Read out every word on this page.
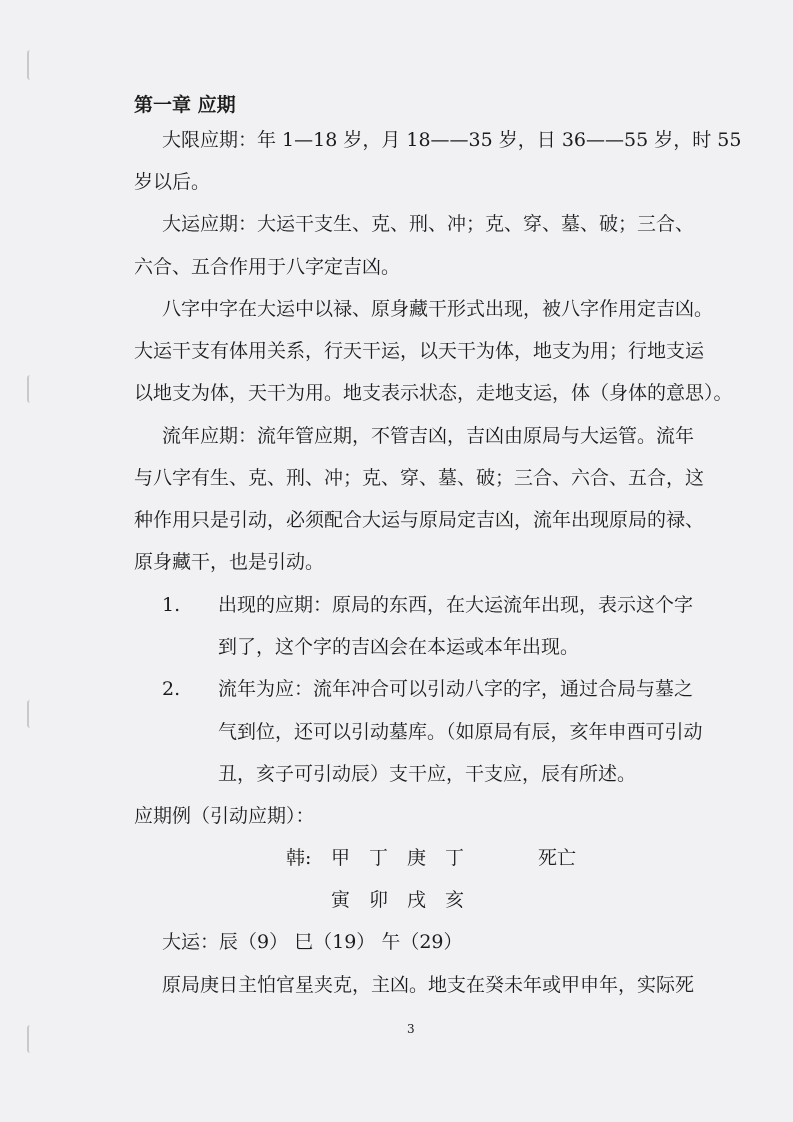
第一章 应期
大限应期：年 1—18 岁，月 18——35 岁，日 36——55 岁，时 55
岁以后。
大运应期：大运干支生、克、刑、冲；克、穿、墓、破；三合、
六合、五合作用于八字定吉凶。
八字中字在大运中以禄、原身藏干形式出现，被八字作用定吉凶。
大运干支有体用关系，行天干运，以天干为体，地支为用；行地支运
以地支为体，天干为用。地支表示状态，走地支运，体（身体的意思）。
流年应期：流年管应期，不管吉凶，吉凶由原局与大运管。流年
与八字有生、克、刑、冲；克、穿、墓、破；三合、六合、五合，这
种作用只是引动，必须配合大运与原局定吉凶，流年出现原局的禄、
原身藏干，也是引动。
1. 出现的应期：原局的东西，在大运流年出现，表示这个字
到了，这个字的吉凶会在本运或本年出现。
2. 流年为应：流年冲合可以引动八字的字，通过合局与墓之
气到位，还可以引动墓库。（如原局有辰，亥年申酉可引动
丑，亥子可引动辰）支干应，干支应，辰有所述。
应期例（引动应期）：
韩: 甲 丁 庚 丁	死亡
寅 卯 戌 亥
大运：辰（9） 巳（19） 午（29）
原局庚日主怕官星夹克，主凶。地支在癸未年或甲申年，实际死
3
